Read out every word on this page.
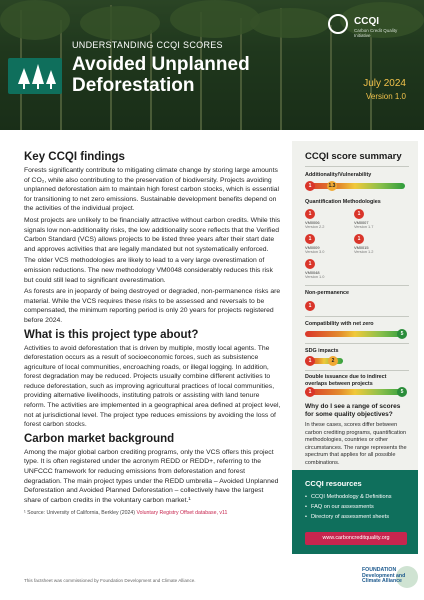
CCQI
Carbon Credit Quality Initiative
UNDERSTANDING CCQI SCORES
Avoided Unplanned Deforestation	July 2024
Version 1.0
Key CCQI findings

Forests significantly contribute to mitigating climate change by storing large amounts of CO₂, while also contributing to the preservation of biodiversity. Projects avoiding unplanned deforestation aim to maintain high forest carbon stocks, which is essential for transitioning to net zero emissions. Sustainable development benefits depend on the activities of the individual project.

Most projects are unlikely to be financially attractive without carbon credits. While this signals low non-additionality risks, the low additionality score reflects that the Verified Carbon Standard (VCS) allows projects to be listed three years after their start date and approves activities that are legally mandated but not systematically enforced.

The older VCS methodologies are likely to lead to a very large overestimation of emission reductions. The new methodology VM0048 considerably reduces this risk but could still lead to significant overestimation.

As forests are in jeopardy of being destroyed or degraded, non-permanence risks are material. While the VCS requires these risks to be assessed and reversals to be compensated, the minimum reporting period is only 20 years for projects registered before 2024.

What is this project type about?

Activities to avoid deforestation that is driven by multiple, mostly local agents. The deforestation occurs as a result of socioeconomic forces, such as subsistence agriculture of local communities, encroaching roads, or illegal logging. In addition, forest degradation may be reduced. Projects usually combine different activities to reduce deforestation, such as improving agricultural practices of local communities, providing alternative livelihoods, instituting patrols or assisting with land tenure reform. The activities are implemented in a geographical area defined at project level, not at jurisdictional level. The project type reduces emissions by avoiding the loss of forest carbon stocks.

Carbon market background

Among the major global carbon crediting programs, only the VCS offers this project type. It is often registered under the acronym REDD or REDD+, referring to the UNFCCC framework for reducing emissions from deforestation and forest degradation. The main project types under the REDD umbrella – Avoided Unplanned Deforestation and Avoided Planned Deforestation – collectively have the largest share of carbon credits in the voluntary carbon market.¹

¹ Source: University of California, Berkley (2024) Voluntary Registry Offset database, v11
This factsheet was commissioned by Foundation Development and Climate Alliance.
FOUNDATION Development and Climate Alliance
CCQI score summary
Additionality/Vulnerability
1	1.3
Quantification Methodologies
1
VM0006
Version 2.2
1
VM0007
Version 1.7
1
VM0009
Version 3.0
1
VM0015
Version 1.2
1
VM0048
Version 1.0
Non-permanence
1
Compatibility with net zero
5
SDG impacts
1	2
Double issuance due to indirect overlaps between projects
1	5
Why do I see a range of scores for some quality objectives?
In these cases, scores differ between carbon crediting programs, quantification methodologies, countries or other circumstances. The range represents the spectrum that applies for all possible combinations.
CCQI resources
• CCQI Methodology & Definitions
• FAQ on our assessments
• Directory of assessment sheets
www.carboncreditquality.org
